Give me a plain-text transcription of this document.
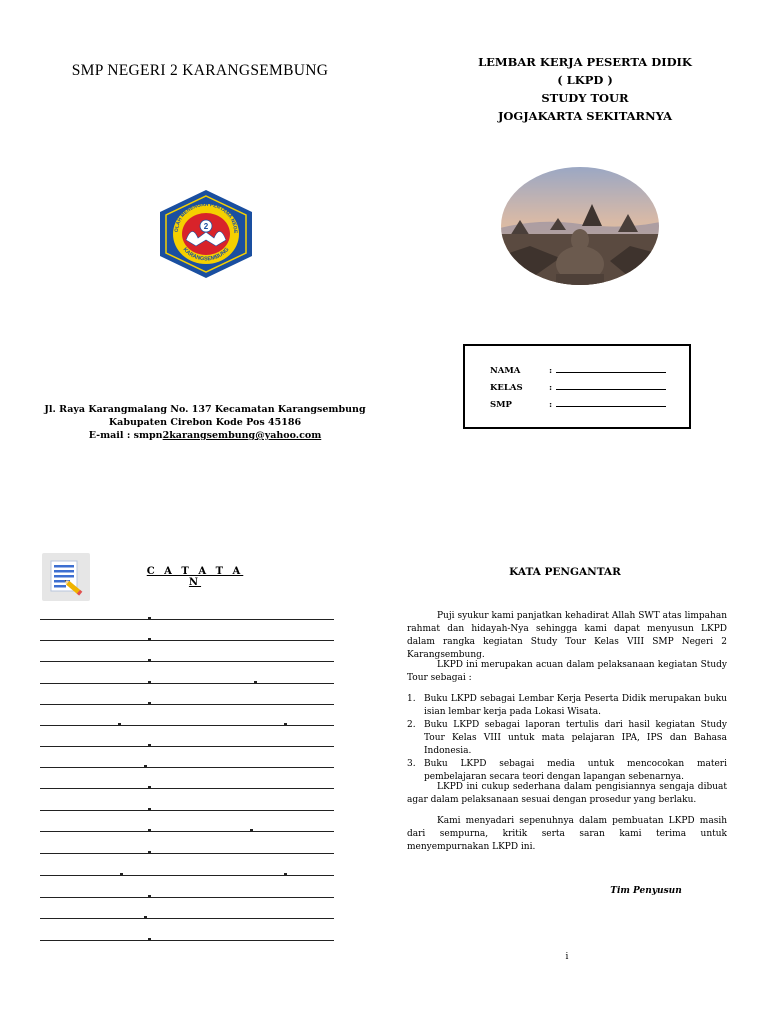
SMP NEGERI 2 KARANGSEMBUNG
2
OLAH MENENGAH PERTAMA NEGE
KARANGSEMBUNG
Jl. Raya Karangmalang No. 137 Kecamatan Karangsembung
Kabupaten Cirebon Kode Pos 45186
E-mail : smpn2karangsembung@yahoo.com
LEMBAR KERJA PESERTA DIDIK
( LKPD )
STUDY TOUR
JOGJAKARTA SEKITARNYA
NAMA	:
KELAS	:
SMP	:
C A T A T A N
KATA PENGANTAR
Puji syukur kami panjatkan kehadirat Allah SWT atas limpahan rahmat dan hidayah-Nya sehingga kami dapat menyusun LKPD dalam rangka kegiatan Study Tour Kelas VIII SMP Negeri 2 Karangsembung.
LKPD ini merupakan acuan dalam pelaksanaan kegiatan Study Tour sebagai :
1. Buku LKPD sebagai Lembar Kerja Peserta Didik merupakan buku isian lembar kerja pada Lokasi Wisata.
2. Buku LKPD sebagai laporan tertulis dari hasil kegiatan Study Tour Kelas VIII untuk mata pelajaran IPA, IPS dan Bahasa Indonesia.
3. Buku LKPD sebagai media untuk mencocokan materi pembelajaran secara teori dengan lapangan sebenarnya.
LKPD ini cukup sederhana dalam pengisiannya sengaja dibuat agar dalam pelaksanaan sesuai dengan prosedur yang berlaku.
Kami menyadari sepenuhnya dalam pembuatan LKPD masih dari sempurna, kritik serta saran kami terima untuk menyempurnakan LKPD ini.
Tim Penyusun
i
